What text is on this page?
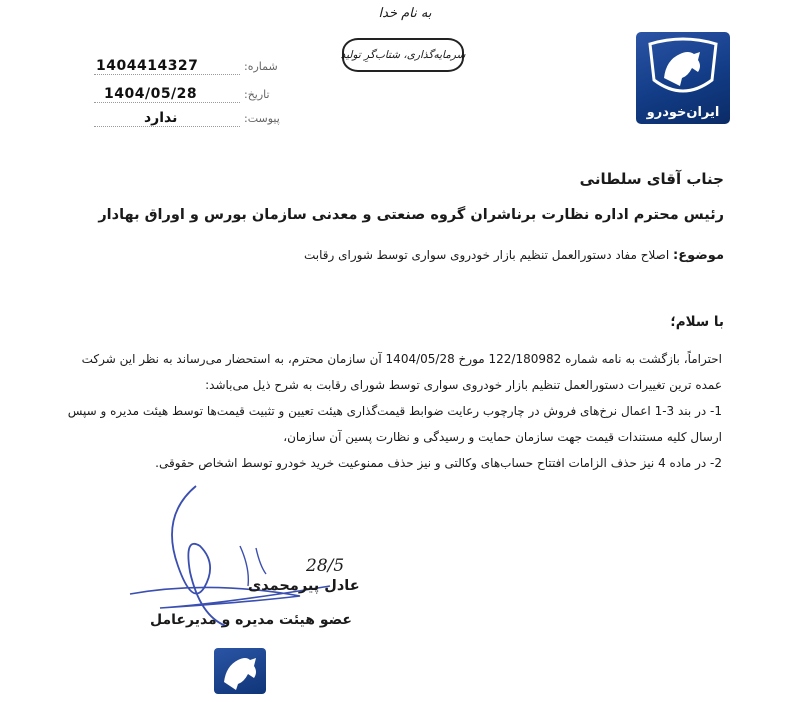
به نام خدا
سرمایه‌گذاری، شتاب‌گرِ تولید
شماره:
1404414327
تاریخ:
1404/05/28
پیوست:
ندارد	ایران‌خودرو
جناب آقای سلطانی
رئیس محترم اداره نظارت برناشران گروه صنعتی و معدنی سازمان بورس و اوراق بهادار
موضوع: اصلاح مفاد دستورالعمل تنظیم بازار خودروی سواری توسط شورای رقابت
با سلام؛

احتراماً، بازگشت به نامه شماره 122/180982 مورخ 1404/05/28 آن سازمان محترم، به استحضار می‌رساند به نظر این شرکت عمده ترین تغییرات دستورالعمل تنظیم بازار خودروی سواری توسط شورای رقابت به شرح ذیل می‌باشد:

1- در بند 3-1 اعمال نرخ‌های فروش در چارچوب رعایت ضوابط قیمت‌گذاری هیئت تعیین و تثبیت قیمت‌ها توسط هیئت مدیره و سپس ارسال کلیه مستندات قیمت جهت سازمان حمایت و رسیدگی و نظارت پسین آن سازمان،

2- در ماده 4 نیز حذف الزامات افتتاح حساب‌های وکالتی و نیز حذف ممنوعیت خرید خودرو توسط اشخاص حقوقی.

28/5
عادل پیرمحمدی
عضو هیئت مدیره و مدیرعامل
